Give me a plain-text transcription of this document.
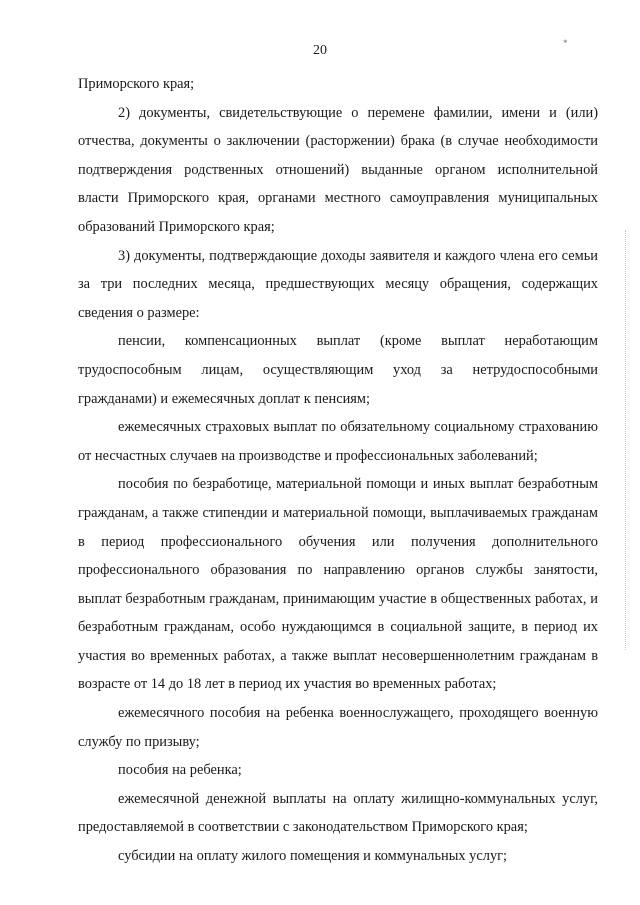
20	*

Приморского края;

2) документы, свидетельствующие о перемене фамилии, имени и (или) отчества, документы о заключении (расторжении) брака (в случае необходимости подтверждения родственных отношений) выданные органом исполнительной власти Приморского края, органами местного самоуправления муниципальных образований Приморского края;

3) документы, подтверждающие доходы заявителя и каждого члена его семьи за три последних месяца, предшествующих месяцу обращения, содержащих сведения о размере:

пенсии, компенсационных выплат (кроме выплат неработающим трудоспособным лицам, осуществляющим уход за нетрудоспособными гражданами) и ежемесячных доплат к пенсиям;

ежемесячных страховых выплат по обязательному социальному страхованию от несчастных случаев на производстве и профессиональных заболеваний;

пособия по безработице, материальной помощи и иных выплат безработным гражданам, а также стипендии и материальной помощи, выплачиваемых гражданам в период профессионального обучения или получения дополнительного профессионального образования по направлению органов службы занятости, выплат безработным гражданам, принимающим участие в общественных работах, и безработным гражданам, особо нуждающимся в социальной защите, в период их участия во временных работах, а также выплат несовершеннолетним гражданам в возрасте от 14 до 18 лет в период их участия во временных работах;

ежемесячного пособия на ребенка военнослужащего, проходящего военную службу по призыву;

пособия на ребенка;

ежемесячной денежной выплаты на оплату жилищно-коммунальных услуг, предоставляемой в соответствии с законодательством Приморского края;

субсидии на оплату жилого помещения и коммунальных услуг;
